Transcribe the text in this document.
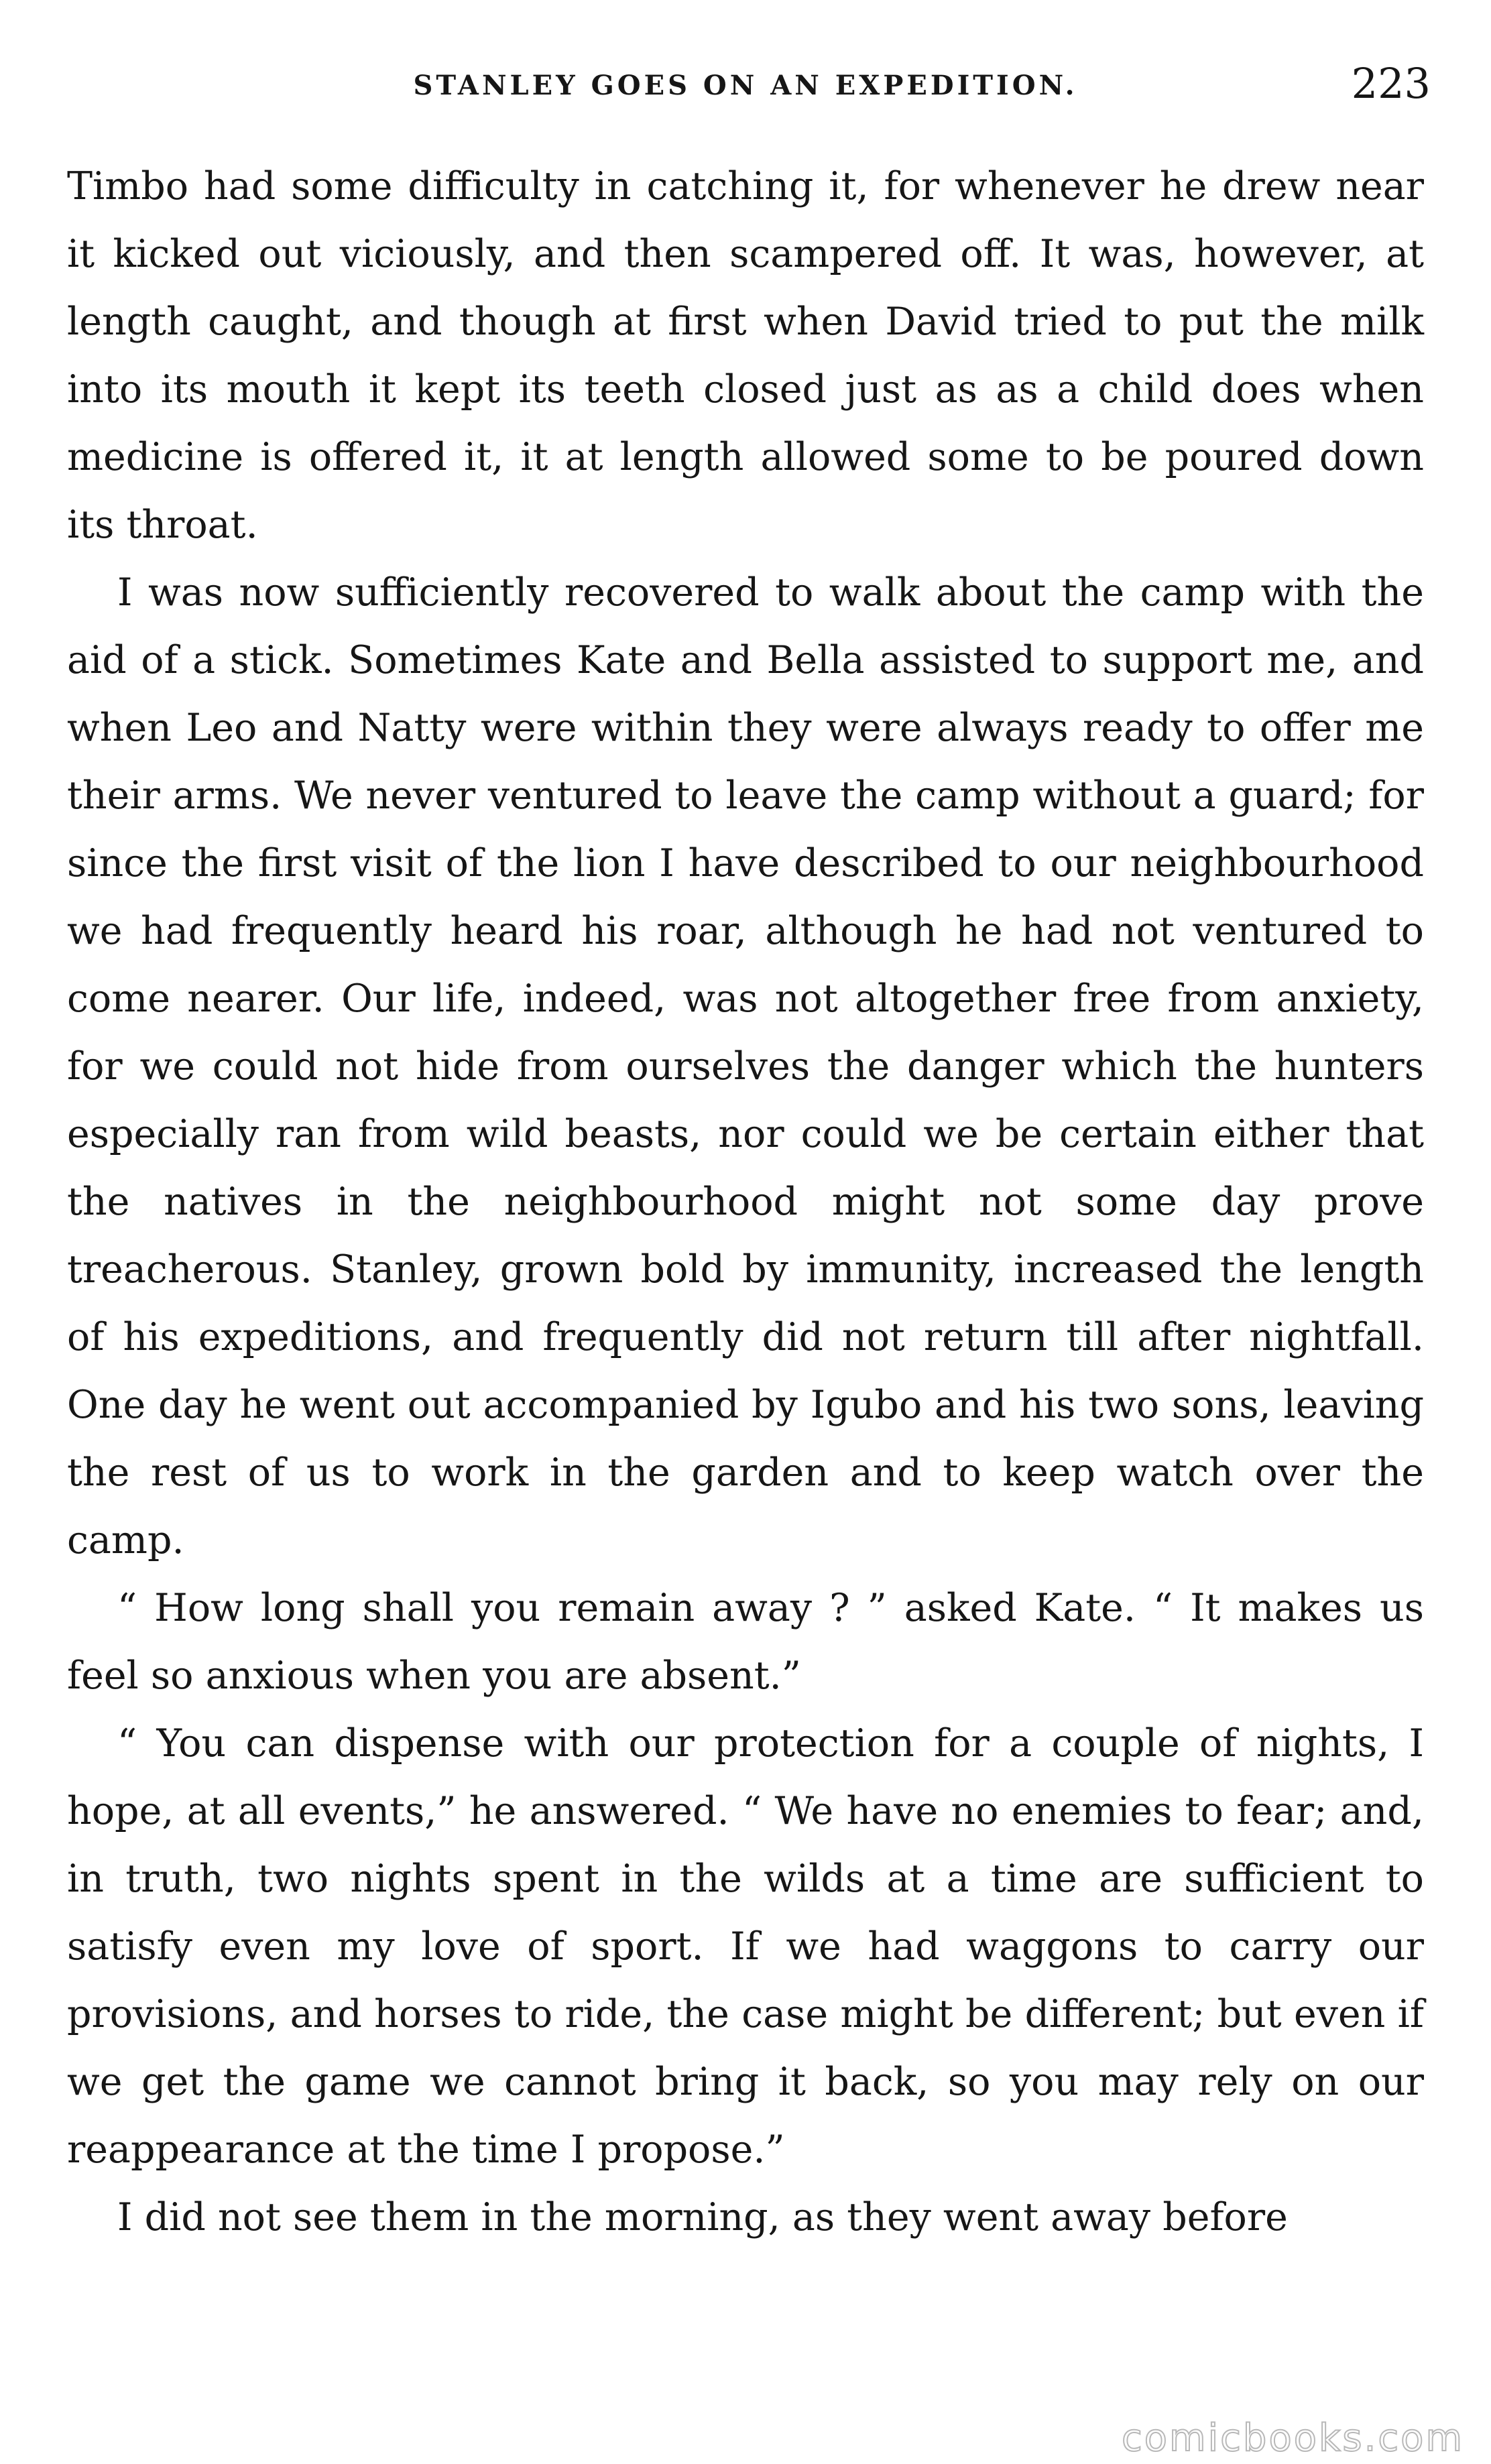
STANLEY GOES ON AN EXPEDITION.	223

Timbo had some difficulty in catching it, for whenever he drew near it kicked out viciously, and then scampered off. It was, however, at length caught, and though at first when David tried to put the milk into its mouth it kept its teeth closed just as as a child does when medicine is offered it, it at length allowed some to be poured down its throat.

I was now sufficiently recovered to walk about the camp with the aid of a stick. Sometimes Kate and Bella assisted to support me, and when Leo and Natty were within they were always ready to offer me their arms. We never ventured to leave the camp without a guard; for since the first visit of the lion I have described to our neighbourhood we had frequently heard his roar, although he had not ventured to come nearer. Our life, indeed, was not altogether free from anxiety, for we could not hide from ourselves the danger which the hunters especially ran from wild beasts, nor could we be certain either that the natives in the neighbourhood might not some day prove treacherous. Stanley, grown bold by immunity, increased the length of his expeditions, and frequently did not return till after nightfall. One day he went out accompanied by Igubo and his two sons, leaving the rest of us to work in the garden and to keep watch over the camp.

“ How long shall you remain away ? ” asked Kate. “ It makes us feel so anxious when you are absent.”

“ You can dispense with our protection for a couple of nights, I hope, at all events,” he answered. “ We have no enemies to fear; and, in truth, two nights spent in the wilds at a time are sufficient to satisfy even my love of sport. If we had waggons to carry our provisions, and horses to ride, the case might be different; but even if we get the game we cannot bring it back, so you may rely on our reappearance at the time I propose.”

I did not see them in the morning, as they went away before

comicbooks.com
